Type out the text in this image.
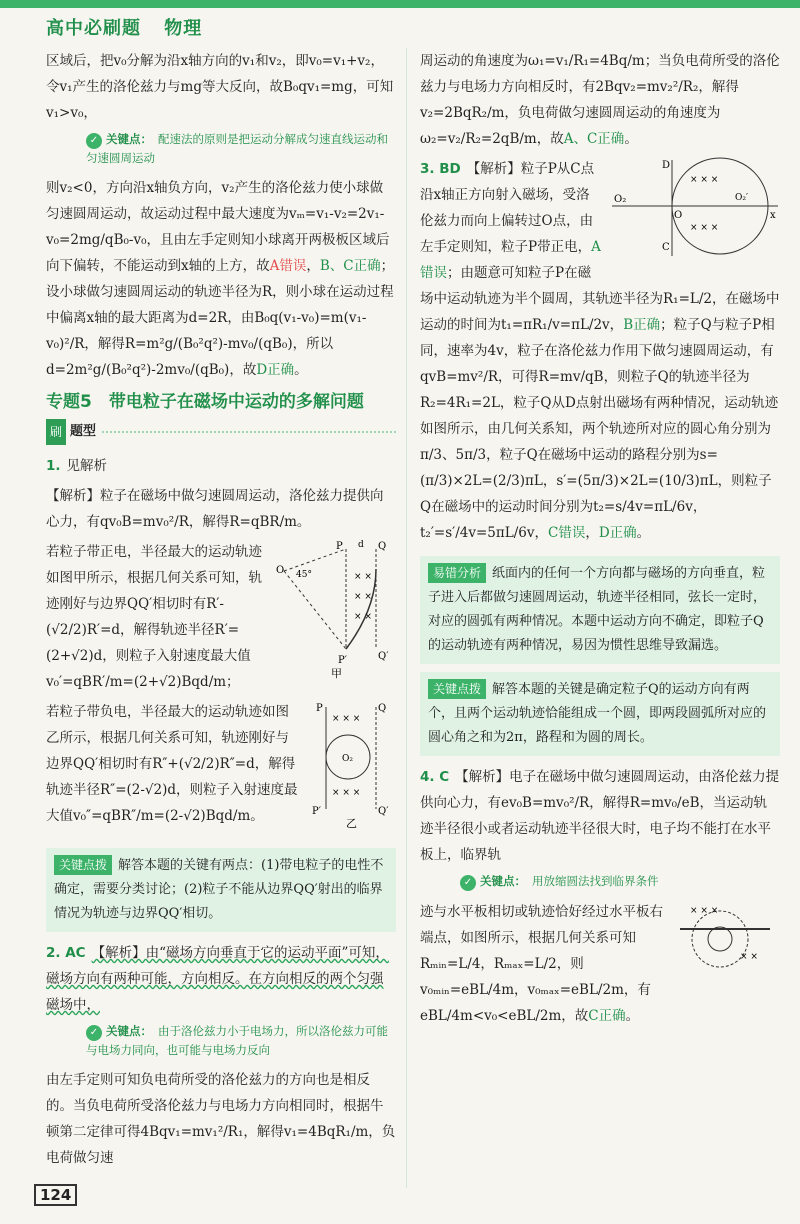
高中必刷题 物理

区域后，把v₀分解为沿x轴方向的v₁和v₂，即v₀=v₁+v₂，令v₁产生的洛伦兹力与mg等大反向，故B₀qv₁=mg，可知v₁>v₀，

✓ 关键点： 配速法的原则是把运动分解成匀速直线运动和匀速圆周运动

则v₂<0，方向沿x轴负方向，v₂产生的洛伦兹力使小球做匀速圆周运动，故运动过程中最大速度为vₘ=v₁-v₂=2v₁-v₀=2mg/qB₀-v₀，且由左手定则知小球离开两极板区域后向下偏转，不能运动到x轴的上方，故A错误，B、C正确；设小球做匀速圆周运动的轨迹半径为R，则小球在运动过程中偏离x轴的最大距离为d=2R，由B₀q(v₁-v₀)=m(v₁-v₀)²/R，解得R=m²g/(B₀²q²)-mv₀/(qB₀)，所以d=2m²g/(B₀²q²)-2mv₀/(qB₀)，故D正确。

专题5　带电粒子在磁场中运动的多解问题
刷 题型

1. 见解析

【解析】粒子在磁场中做匀速圆周运动，洛伦兹力提供向心力，有qv₀B=mv₀²/R，解得R=qBR/m。

P	Q
O 45°
P′	Q′
d
× ×
× ×
× ×
甲

若粒子带正电，半径最大的运动轨迹如图甲所示，根据几何关系可知，轨迹刚好与边界QQ′相切时有R′-(√2/2)R′=d，解得轨迹半径R′=(2+√2)d，则粒子入射速度最大值v₀′=qBR′/m=(2+√2)Bqd/m；

P	Q
O₂
× × ×
× × ×
P′	Q′
乙

若粒子带负电，半径最大的运动轨迹如图乙所示，根据几何关系可知，轨迹刚好与边界QQ′相切时有R″+(√2/2)R″=d，解得轨迹半径R″=(2-√2)d，则粒子入射速度最大值v₀″=qBR″/m=(2-√2)Bqd/m。

关键点拨 解答本题的关键有两点：(1)带电粒子的电性不确定，需要分类讨论；(2)粒子不能从边界QQ′射出的临界情况为轨迹与边界QQ′相切。

2. AC 【解析】由“磁场方向垂直于它的运动平面”可知，磁场方向有两种可能，方向相反。在方向相反的两个匀强磁场中，

✓ 关键点： 由于洛伦兹力小于电场力，所以洛伦兹力可能与电场力同向，也可能与电场力反向

由左手定则可知负电荷所受的洛伦兹力的方向也是相反的。当负电荷所受洛伦兹力与电场力方向相同时，根据牛顿第二定律可得4Bqv₁=mv₁²/R₁，解得v₁=4BqR₁/m，负电荷做匀速

周运动的角速度为ω₁=v₁/R₁=4Bq/m；当负电荷所受的洛伦兹力与电场力方向相反时，有2Bqv₂=mv₂²/R₂，解得v₂=2BqR₂/m，负电荷做匀速圆周运动的角速度为ω₂=v₂/R₂=2qB/m，故A、C正确。

D
C
O₂
O	x
× × ×
× × ×
O₂′

3. BD 【解析】粒子P从C点沿x轴正方向射入磁场，受洛伦兹力而向上偏转过O点，由左手定则知，粒子P带正电，A错误；由题意可知粒子P在磁场中运动轨迹为半个圆周，其轨迹半径为R₁=L/2，在磁场中运动的时间为t₁=πR₁/v=πL/2v，B正确；粒子Q与粒子P相同，速率为4v，粒子在洛伦兹力作用下做匀速圆周运动，有qvB=mv²/R，可得R=mv/qB，则粒子Q的轨迹半径为R₂=4R₁=2L，粒子Q从D点射出磁场有两种情况，运动轨迹如图所示，由几何关系知，两个轨迹所对应的圆心角分别为π/3、5π/3，粒子Q在磁场中运动的路程分别为s=(π/3)×2L=(2/3)πL，s′=(5π/3)×2L=(10/3)πL，则粒子Q在磁场中的运动时间分别为t₂=s/4v=πL/6v，t₂′=s′/4v=5πL/6v，C错误，D正确。

易错分析 纸面内的任何一个方向都与磁场的方向垂直，粒子进入后都做匀速圆周运动，轨迹半径相同，弦长一定时，对应的圆弧有两种情况。本题中运动方向不确定，即粒子Q的运动轨迹有两种情况，易因为惯性思维导致漏选。
关键点拨 解答本题的关键是确定粒子Q的运动方向有两个，且两个运动轨迹恰能组成一个圆，即两段圆弧所对应的圆心角之和为2π，路程和为圆的周长。

4. C 【解析】电子在磁场中做匀速圆周运动，由洛伦兹力提供向心力，有ev₀B=mv₀²/R，解得R=mv₀/eB，当运动轨迹半径很小或者运动轨迹半径很大时，电子均不能打在水平板上，临界轨

✓ 关键点： 用放缩圆法找到临界条件
× × ×
× ×

迹与水平板相切或轨迹恰好经过水平板右端点，如图所示，根据几何关系可知Rₘᵢₙ=L/4，Rₘₐₓ=L/2，则v₀ₘᵢₙ=eBL/4m，v₀ₘₐₓ=eBL/2m，有eBL/4m<v₀<eBL/2m，故C正确。

124
